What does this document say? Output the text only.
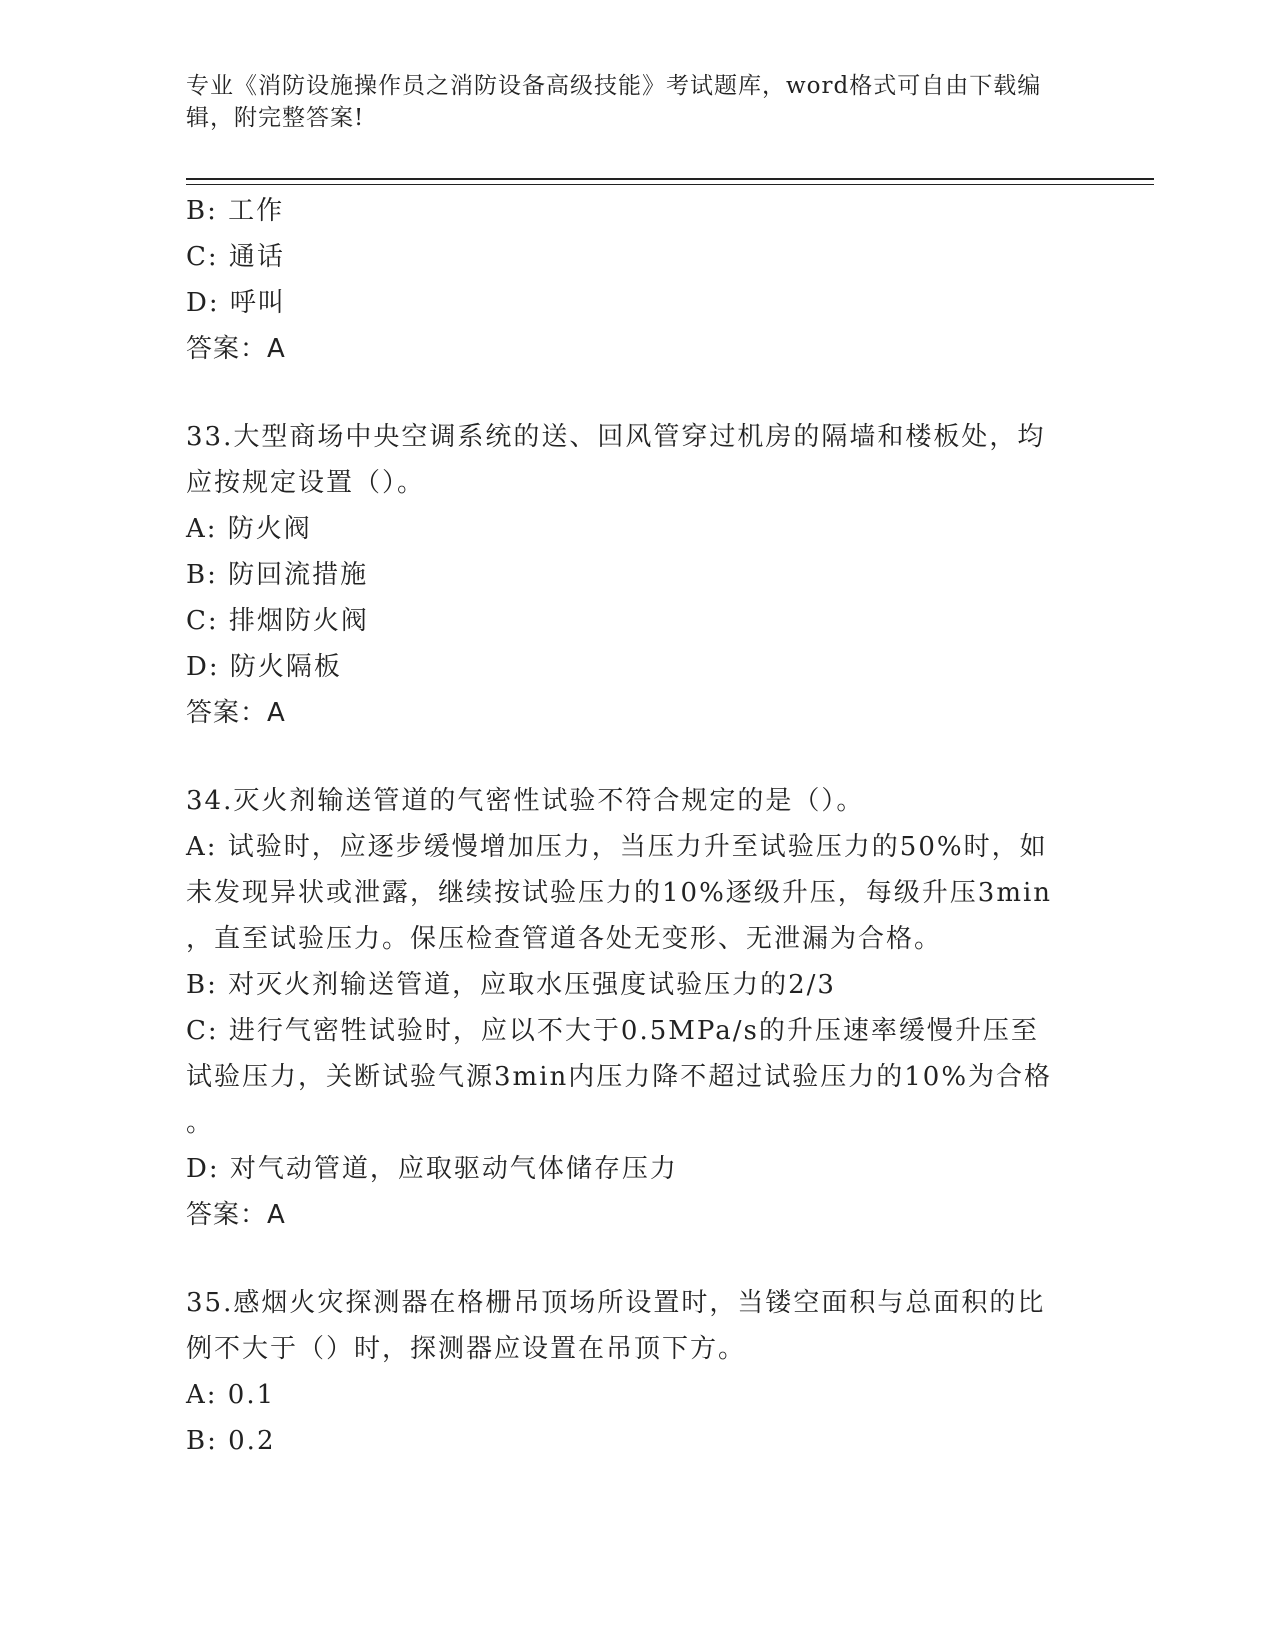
专业《消防设施操作员之消防设备高级技能》考试题库，word格式可自由下载编
辑，附完整答案!
B: 工作
C: 通话
D: 呼叫
答案：A
33.大型商场中央空调系统的送、回风管穿过机房的隔墙和楼板处，均
应按规定设置（）。
A: 防火阀
B: 防回流措施
C: 排烟防火阀
D: 防火隔板
答案：A
34.灭火剂输送管道的气密性试验不符合规定的是（）。
A: 试验时，应逐步缓慢增加压力，当压力升至试验压力的50%时，如
未发现异状或泄露，继续按试验压力的10%逐级升压，每级升压3min
，直至试验压力。保压检查管道各处无变形、无泄漏为合格。
B: 对灭火剂输送管道，应取水压强度试验压力的2/3
C: 进行气密牲试验时，应以不大于0.5MPa/s的升压速率缓慢升压至
试验压力，关断试验气源3min内压力降不超过试验压力的10%为合格
。
D: 对气动管道，应取驱动气体储存压力
答案：A
35.感烟火灾探测器在格栅吊顶场所设置时，当镂空面积与总面积的比
例不大于（）时，探测器应设置在吊顶下方。
A: 0.1
B: 0.2
